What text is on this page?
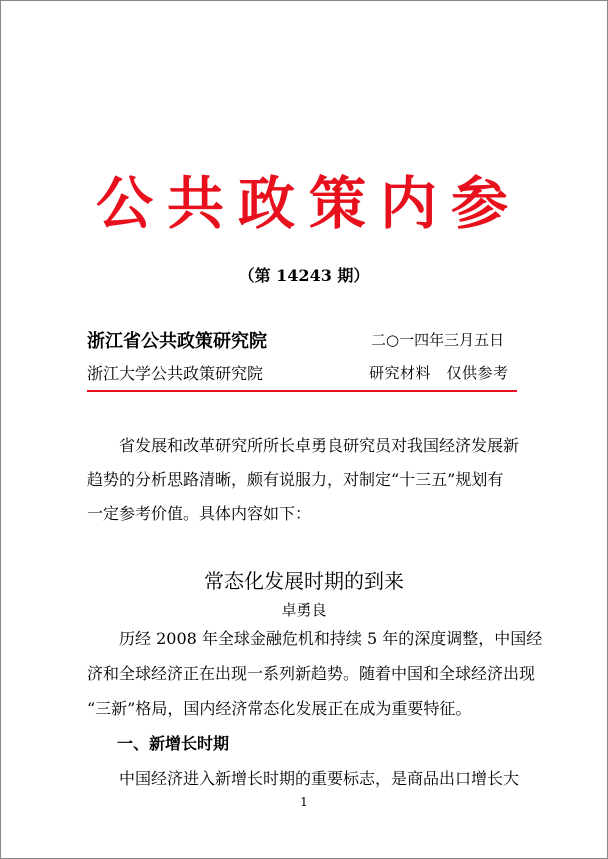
公共政策内参
（第 14243 期）
浙江省公共政策研究院	二○一四年三月五日
浙江大学公共政策研究院	研究材料　仅供参考
　　省发展和改革研究所所长卓勇良研究员对我国经济发展新
趋势的分析思路清晰，颇有说服力，对制定“十三五”规划有
一定参考价值。具体内容如下：
常态化发展时期的到来
卓勇良
　　历经 2008 年全球金融危机和持续 5 年的深度调整，中国经
济和全球经济正在出现一系列新趋势。随着中国和全球经济出现
“三新”格局，国内经济常态化发展正在成为重要特征。
一、新增长时期
　　中国经济进入新增长时期的重要标志，是商品出口增长大
1
